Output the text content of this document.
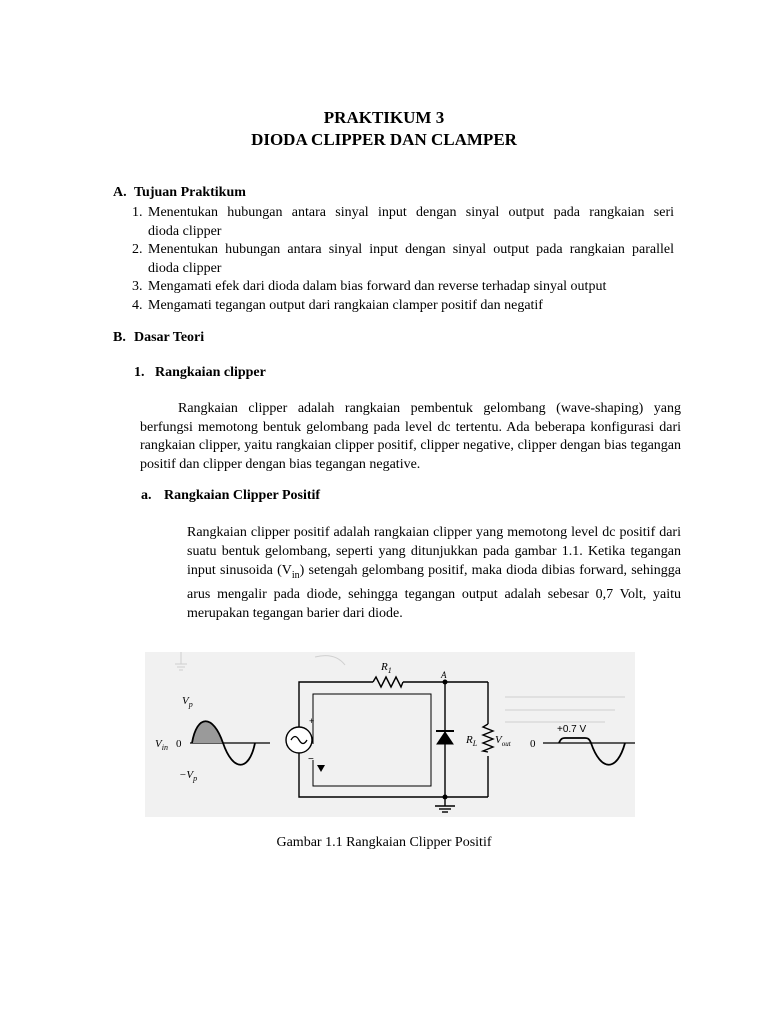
PRAKTIKUM 3
DIODA CLIPPER DAN CLAMPER
A. Tujuan Praktikum
1. Menentukan hubungan antara sinyal input dengan sinyal output pada rangkaian seri
dioda clipper
2. Menentukan hubungan antara sinyal input dengan sinyal output pada rangkaian parallel
dioda clipper
3. Mengamati efek dari dioda dalam bias forward dan reverse terhadap sinyal output
4. Mengamati tegangan output dari rangkaian clamper positif dan negatif
B. Dasar Teori
1. Rangkaian clipper
Rangkaian clipper adalah rangkaian pembentuk gelombang (wave-shaping) yang berfungsi memotong bentuk gelombang pada level dc tertentu. Ada beberapa konfigurasi dari rangkaian clipper, yaitu rangkaian clipper positif, clipper negative, clipper dengan bias tegangan positif dan clipper dengan bias tegangan negative.
a. Rangkaian Clipper Positif
Rangkaian clipper positif adalah rangkaian clipper yang memotong level dc positif dari suatu bentuk gelombang, seperti yang ditunjukkan pada gambar 1.1. Ketika tegangan input sinusoida $(V_{in})$ setengah gelombang positif, maka dioda dibias forward, sehingga arus mengalir pada diode, sehingga tegangan output adalah sebesar 0,7 Volt, yaitu merupakan tegangan barier dari diode.
$V_p$
$-V_p$
$V_{in}$ 0
+
−
$R_1$	A
$R_L$ $V_{out}$ 0
+0.7 V
Gambar 1.1 Rangkaian Clipper Positif
